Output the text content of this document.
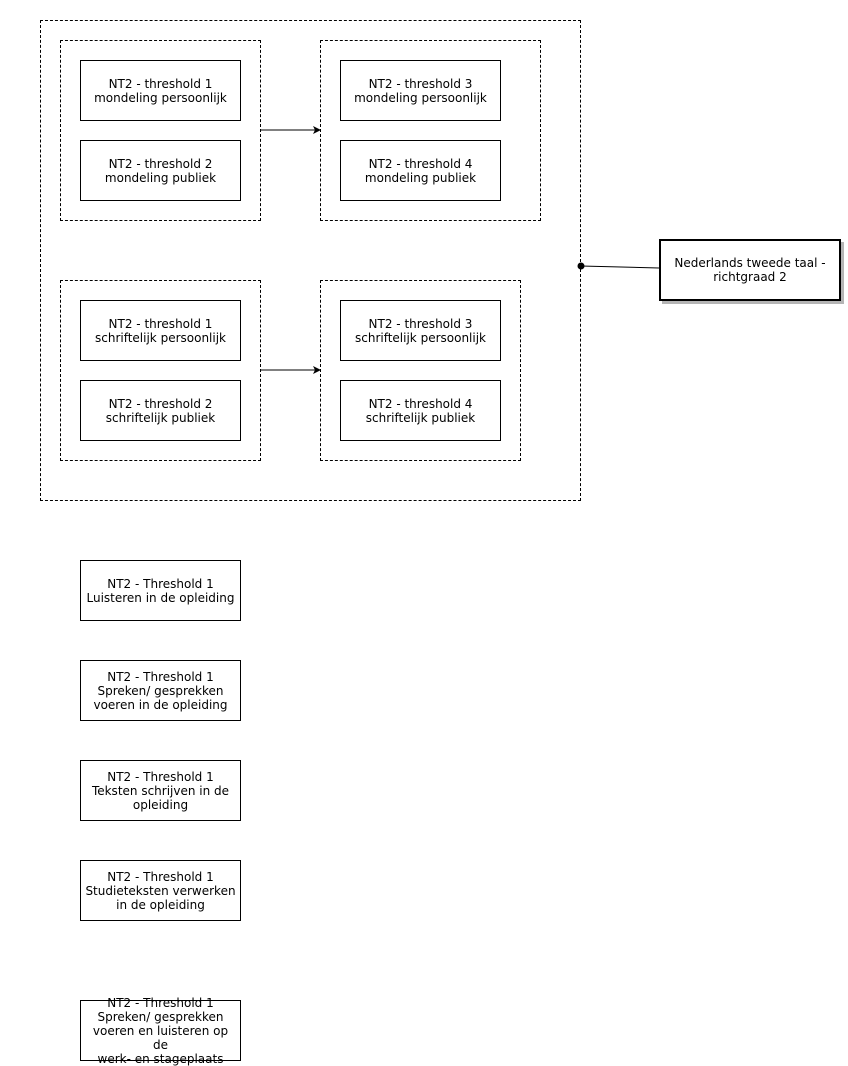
NT2 - threshold 1
mondeling persoonlijk
NT2 - threshold 2
mondeling publiek
NT2 - threshold 3
mondeling persoonlijk
NT2 - threshold 4
mondeling publiek
NT2 - threshold 1
schriftelijk persoonlijk
NT2 - threshold 2
schriftelijk publiek
NT2 - threshold 3
schriftelijk persoonlijk
NT2 - threshold 4
schriftelijk publiek
Nederlands tweede taal -
richtgraad 2
NT2 - Threshold 1
Luisteren in de opleiding
NT2 - Threshold 1
Spreken/ gesprekken
voeren in de opleiding
NT2 - Threshold 1
Teksten schrijven in de
opleiding
NT2 - Threshold 1
Studieteksten verwerken
in de opleiding
NT2 - Threshold 1
Spreken/ gesprekken
voeren en luisteren op de
werk- en stageplaats
